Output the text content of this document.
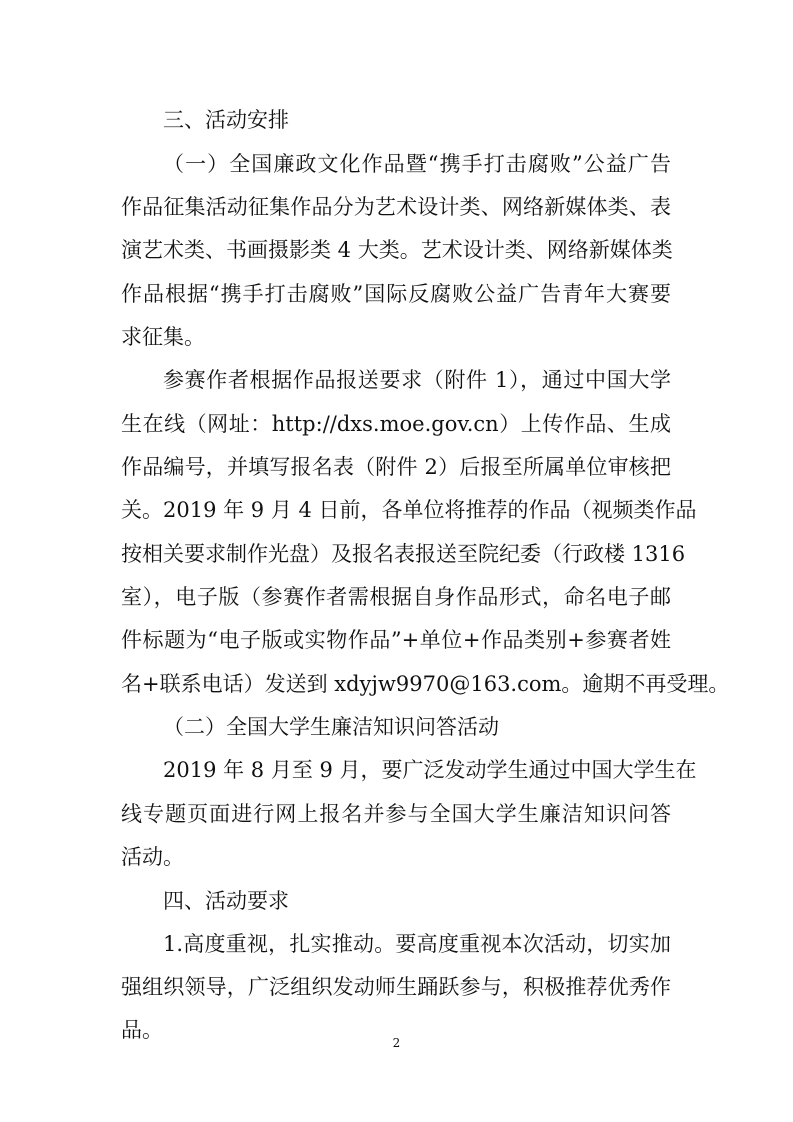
三、活动安排
（一）全国廉政文化作品暨“携手打击腐败”公益广告
作品征集活动征集作品分为艺术设计类、网络新媒体类、表
演艺术类、书画摄影类 4 大类。艺术设计类、网络新媒体类
作品根据“携手打击腐败”国际反腐败公益广告青年大赛要
求征集。
参赛作者根据作品报送要求（附件 1），通过中国大学
生在线（网址：http://dxs.moe.gov.cn）上传作品、生成
作品编号，并填写报名表（附件 2）后报至所属单位审核把
关。2019 年 9 月 4 日前，各单位将推荐的作品（视频类作品
按相关要求制作光盘）及报名表报送至院纪委（行政楼 1316
室），电子版（参赛作者需根据自身作品形式，命名电子邮
件标题为“电子版或实物作品”+单位+作品类别+参赛者姓
名+联系电话）发送到 xdyjw9970@163.com。逾期不再受理。
（二）全国大学生廉洁知识问答活动
2019 年 8 月至 9 月，要广泛发动学生通过中国大学生在
线专题页面进行网上报名并参与全国大学生廉洁知识问答
活动。
四、活动要求
1.高度重视，扎实推动。要高度重视本次活动，切实加
强组织领导，广泛组织发动师生踊跃参与，积极推荐优秀作
品。
2
